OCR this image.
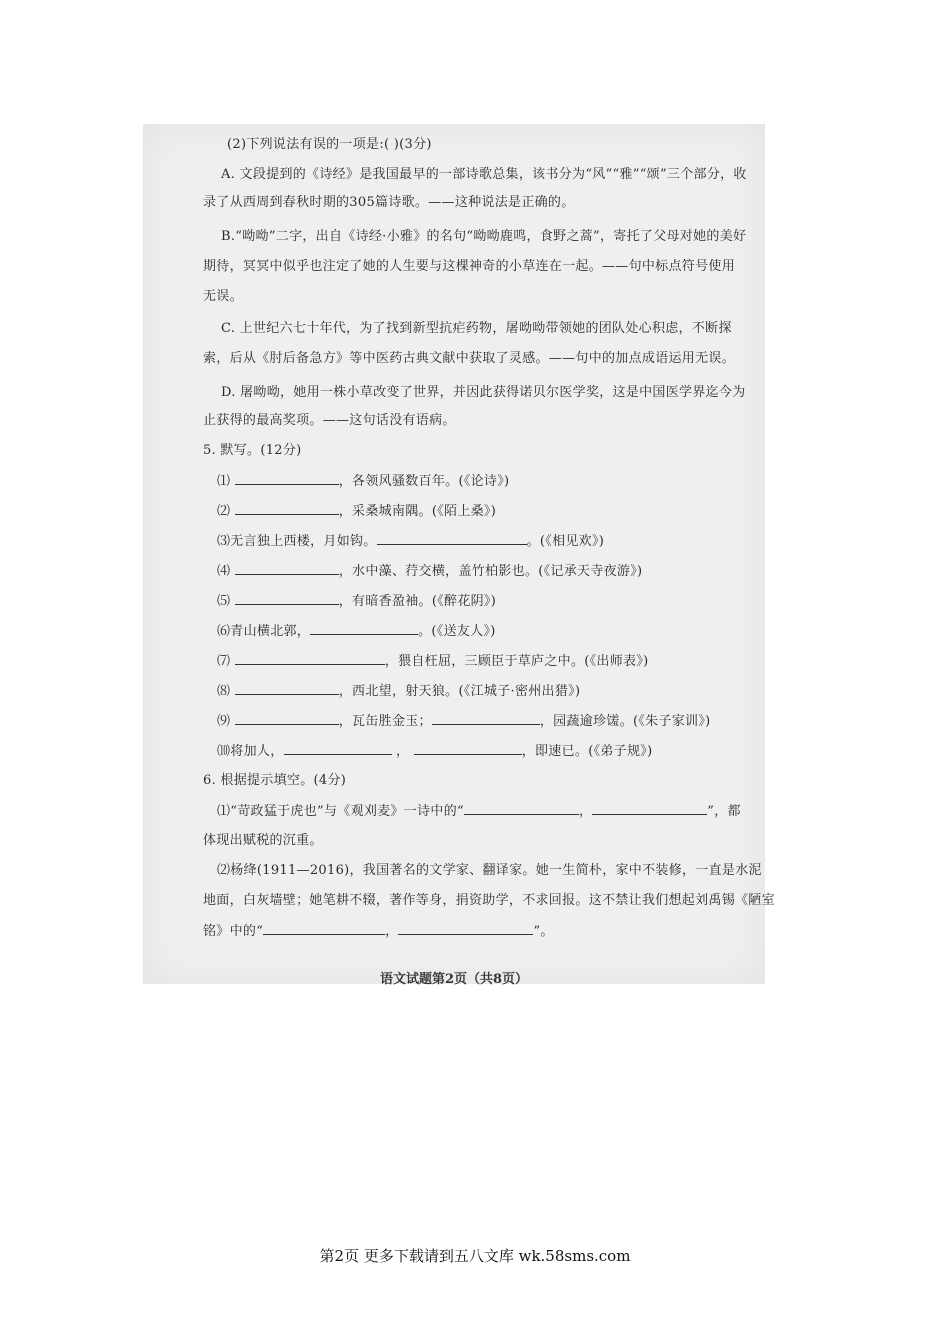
(2)下列说法有误的一项是:( )(3分)
A. 文段提到的《诗经》是我国最早的一部诗歌总集，该书分为“风”“雅”“颂”三个部分，收
录了从西周到春秋时期的305篇诗歌。——这种说法是正确的。
B.“呦呦”二字，出自《诗经·小雅》的名句“呦呦鹿鸣，食野之蒿”，寄托了父母对她的美好
期待，冥冥中似乎也注定了她的人生要与这棵神奇的小草连在一起。——句中标点符号使用
无误。
C. 上世纪六七十年代，为了找到新型抗疟药物，屠呦呦带领她的团队处心积虑，不断探
索，后从《肘后备急方》等中医药古典文献中获取了灵感。——句中的加点成语运用无误。
D. 屠呦呦，她用一株小草改变了世界，并因此获得诺贝尔医学奖，这是中国医学界迄今为
止获得的最高奖项。——这句话没有语病。
5. 默写。(12分)
⑴	，各领风骚数百年。(《论诗》)
⑵	，采桑城南隅。(《陌上桑》)
⑶无言独上西楼，月如钩。	。(《相见欢》)
⑷	，水中藻、荇交横，盖竹柏影也。(《记承天寺夜游》)
⑸	，有暗香盈袖。(《醉花阴》)
⑹青山横北郭，	。(《送友人》)
⑺	，猥自枉屈，三顾臣于草庐之中。(《出师表》)
⑻	，西北望，射天狼。(《江城子·密州出猎》)
⑼	，瓦缶胜金玉；	，园蔬逾珍馐。(《朱子家训》)
⑽将加人，	，	，即速已。(《弟子规》)
6. 根据提示填空。(4分)
⑴“苛政猛于虎也”与《观刈麦》一诗中的“	，	”，都
体现出赋税的沉重。
⑵杨绛(1911—2016)，我国著名的文学家、翻译家。她一生简朴，家中不装修，一直是水泥
地面，白灰墙壁；她笔耕不辍，著作等身，捐资助学，不求回报。这不禁让我们想起刘禹锡《陋室
铭》中的“	，	”。
语文试题第2页（共8页）
第2页 更多下载请到五八文库 wk.58sms.com
